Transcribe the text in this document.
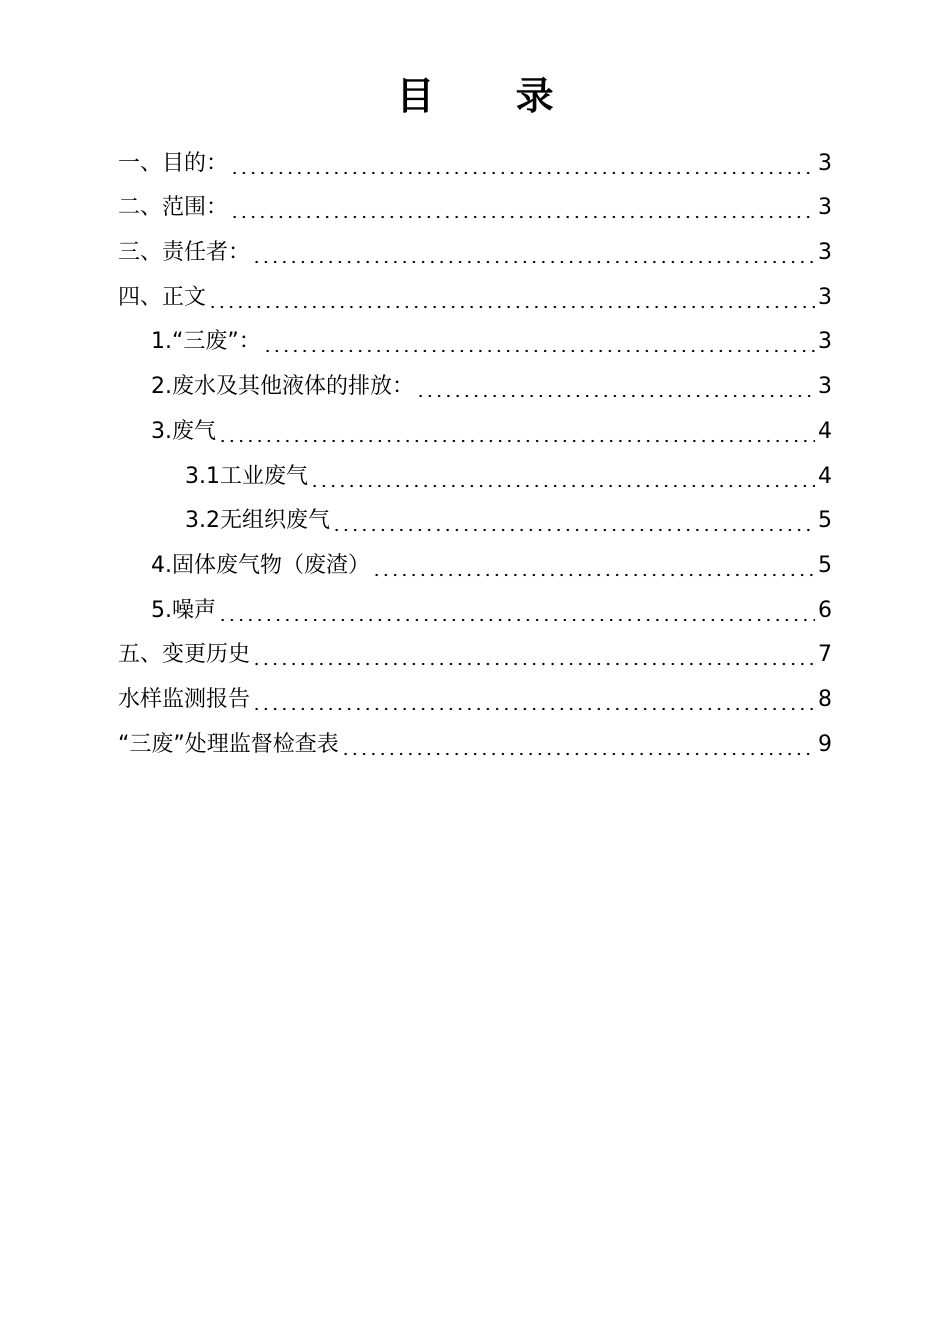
目 录
一、目的：	3
二、范围：	3
三、责任者：	3
四、正文	3
1.“三废”：	3
2.废水及其他液体的排放：	3
3.废气	4
3.1工业废气	4
3.2无组织废气	5
4.固体废气物（废渣）	5
5.噪声	6
五、变更历史	7
水样监测报告	8
“三废”处理监督检查表	9
